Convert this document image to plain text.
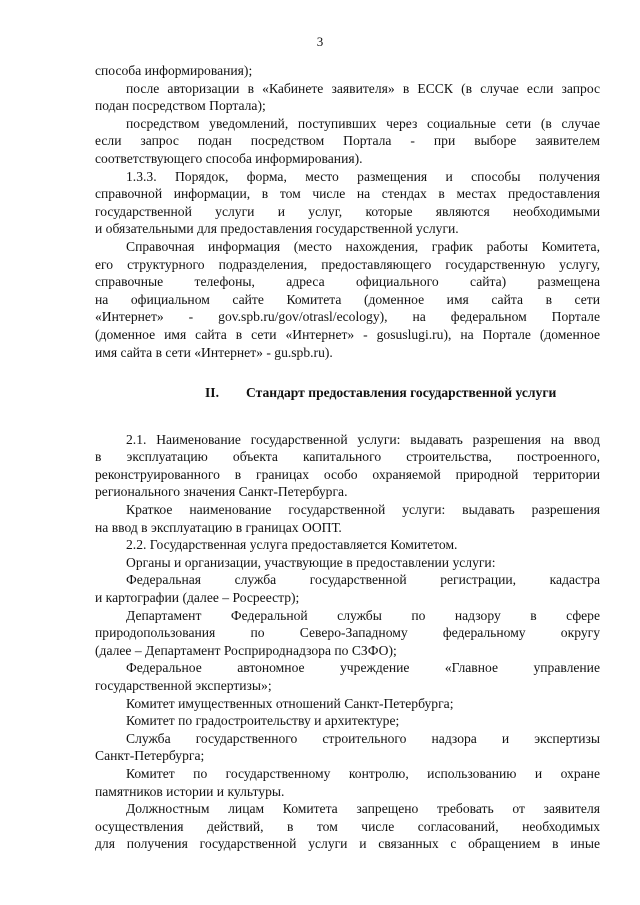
3

способа информирования);

после авторизации в «Кабинете заявителя» в ЕССК (в случае если запрос

подан посредством Портала);

посредством уведомлений, поступивших через социальные сети (в случае

если запрос подан посредством Портала - при выборе заявителем

соответствующего способа информирования).

1.3.3. Порядок, форма, место размещения и способы получения

справочной информации, в том числе на стендах в местах предоставления

государственной услуги и услуг, которые являются необходимыми

и обязательными для предоставления государственной услуги.

Справочная информация (место нахождения, график работы Комитета,

его структурного подразделения, предоставляющего государственную услугу,

справочные телефоны, адреса официального сайта) размещена

на официальном сайте Комитета (доменное имя сайта в сети

«Интернет» - gov.spb.ru/gov/otrasl/ecology), на федеральном Портале

(доменное имя сайта в сети «Интернет» - gosuslugi.ru), на Портале (доменное

имя сайта в сети «Интернет» - gu.spb.ru).

II. Стандарт предоставления государственной услуги

2.1. Наименование государственной услуги: выдавать разрешения на ввод

в эксплуатацию объекта капитального строительства, построенного,

реконструированного в границах особо охраняемой природной территории

регионального значения Санкт-Петербурга.

Краткое наименование государственной услуги: выдавать разрешения

на ввод в эксплуатацию в границах ООПТ.

2.2. Государственная услуга предоставляется Комитетом.

Органы и организации, участвующие в предоставлении услуги:

Федеральная служба государственной регистрации, кадастра

и картографии (далее – Росреестр);

Департамент Федеральной службы по надзору в сфере

природопользования по Северо-Западному федеральному округу

(далее – Департамент Росприроднадзора по СЗФО);

Федеральное автономное учреждение «Главное управление

государственной экспертизы»;

Комитет имущественных отношений Санкт-Петербурга;

Комитет по градостроительству и архитектуре;

Служба государственного строительного надзора и экспертизы

Санкт-Петербурга;

Комитет по государственному контролю, использованию и охране

памятников истории и культуры.

Должностным лицам Комитета запрещено требовать от заявителя

осуществления действий, в том числе согласований, необходимых

для получения государственной услуги и связанных с обращением в иные
